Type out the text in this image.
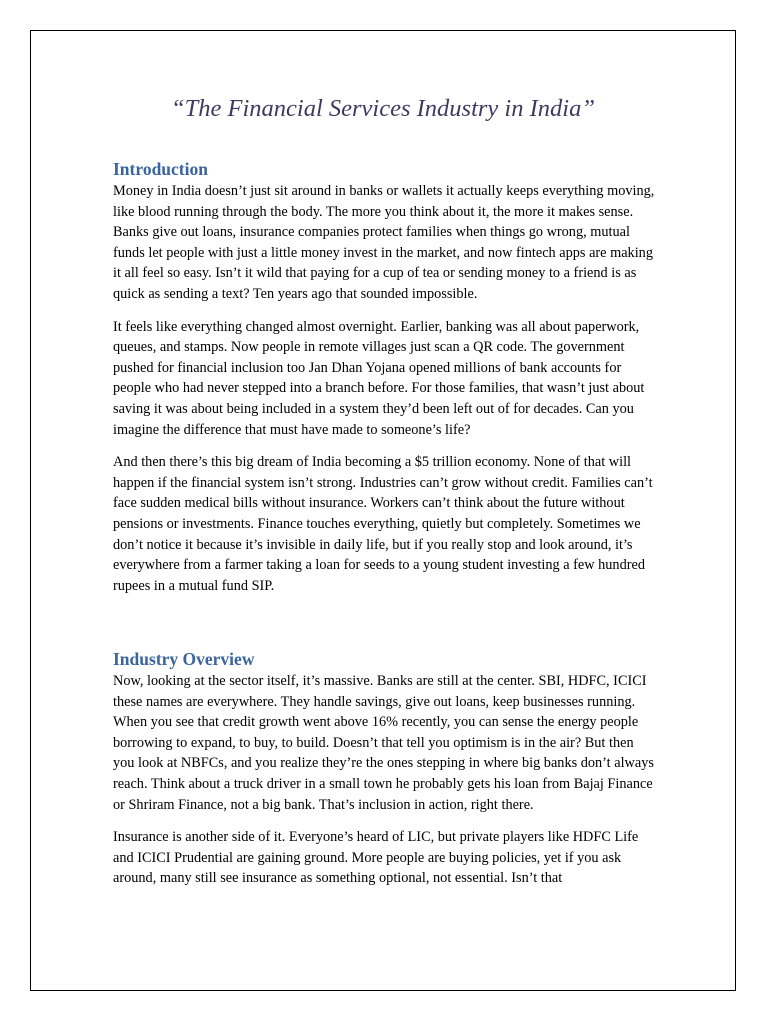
“The Financial Services Industry in India”
Introduction

Money in India doesn’t just sit around in banks or wallets it actually keeps everything moving, like blood running through the body. The more you think about it, the more it makes sense. Banks give out loans, insurance companies protect families when things go wrong, mutual funds let people with just a little money invest in the market, and now fintech apps are making it all feel so easy. Isn’t it wild that paying for a cup of tea or sending money to a friend is as quick as sending a text? Ten years ago that sounded impossible.

It feels like everything changed almost overnight. Earlier, banking was all about paperwork, queues, and stamps. Now people in remote villages just scan a QR code. The government pushed for financial inclusion too Jan Dhan Yojana opened millions of bank accounts for people who had never stepped into a branch before. For those families, that wasn’t just about saving it was about being included in a system they’d been left out of for decades. Can you imagine the difference that must have made to someone’s life?

And then there’s this big dream of India becoming a $5 trillion economy. None of that will happen if the financial system isn’t strong. Industries can’t grow without credit. Families can’t face sudden medical bills without insurance. Workers can’t think about the future without pensions or investments. Finance touches everything, quietly but completely. Sometimes we don’t notice it because it’s invisible in daily life, but if you really stop and look around, it’s everywhere from a farmer taking a loan for seeds to a young student investing a few hundred rupees in a mutual fund SIP.

Industry Overview

Now, looking at the sector itself, it’s massive. Banks are still at the center. SBI, HDFC, ICICI these names are everywhere. They handle savings, give out loans, keep businesses running. When you see that credit growth went above 16% recently, you can sense the energy people borrowing to expand, to buy, to build. Doesn’t that tell you optimism is in the air? But then you look at NBFCs, and you realize they’re the ones stepping in where big banks don’t always reach. Think about a truck driver in a small town he probably gets his loan from Bajaj Finance or Shriram Finance, not a big bank. That’s inclusion in action, right there.

Insurance is another side of it. Everyone’s heard of LIC, but private players like HDFC Life and ICICI Prudential are gaining ground. More people are buying policies, yet if you ask around, many still see insurance as something optional, not essential. Isn’t that
